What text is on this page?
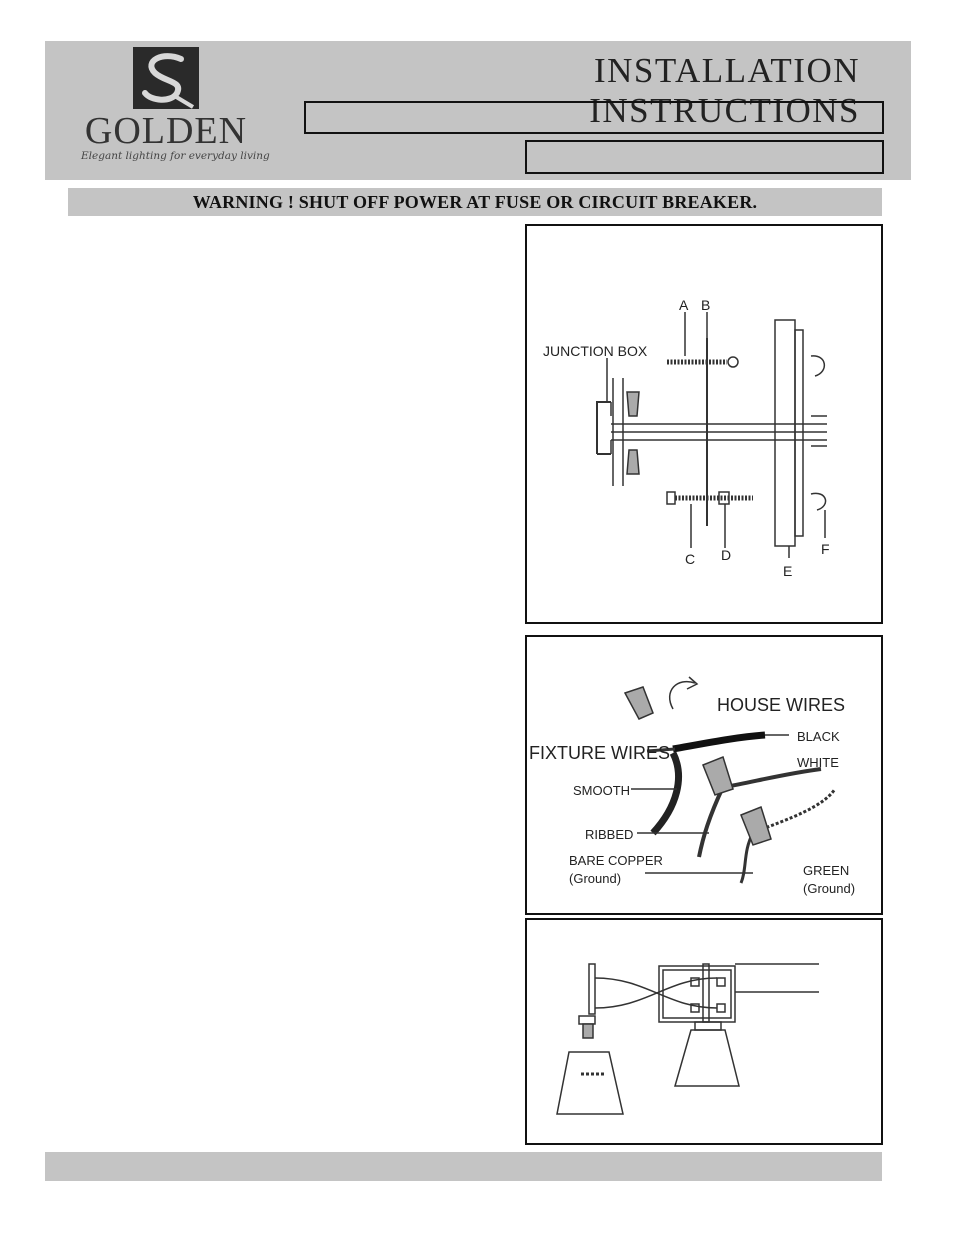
GOLDEN
Elegant lighting for everyday living
INSTALLATION INSTRUCTIONS
WARNING ! SHUT OFF POWER AT FUSE OR CIRCUIT BREAKER.
JUNCTION BOX
A B
C D
E
F
HOUSE WIRES
FIXTURE WIRES
BLACK
WHITE
SMOOTH
RIBBED
BARE COPPER
(Ground)
GREEN
(Ground)
